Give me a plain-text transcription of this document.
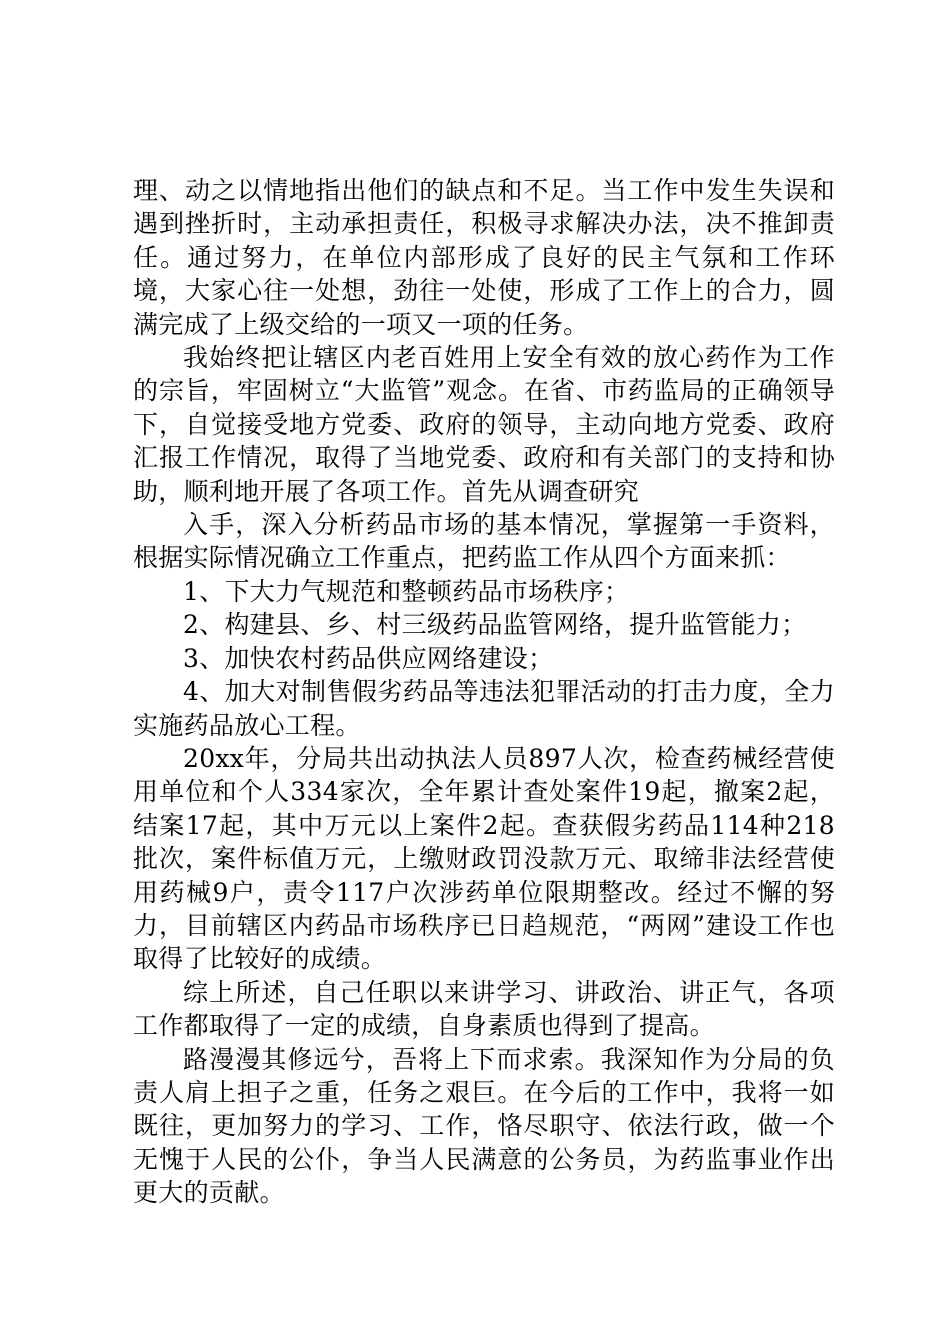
理、动之以情地指出他们的缺点和不足。当工作中发生失误和遇到挫折时，主动承担责任，积极寻求解决办法，决不推卸责任。通过努力，在单位内部形成了良好的民主气氛和工作环境，大家心往一处想，劲往一处使，形成了工作上的合力，圆满完成了上级交给的一项又一项的任务。

我始终把让辖区内老百姓用上安全有效的放心药作为工作的宗旨，牢固树立“大监管”观念。在省、市药监局的正确领导下，自觉接受地方党委、政府的领导，主动向地方党委、政府汇报工作情况，取得了当地党委、政府和有关部门的支持和协助，顺利地开展了各项工作。首先从调查研究

入手，深入分析药品市场的基本情况，掌握第一手资料，根据实际情况确立工作重点，把药监工作从四个方面来抓：

1、下大力气规范和整顿药品市场秩序；

2、构建县、乡、村三级药品监管网络，提升监管能力；

3、加快农村药品供应网络建设；

4、加大对制售假劣药品等违法犯罪活动的打击力度，全力实施药品放心工程。

20xx年，分局共出动执法人员897人次，检查药械经营使用单位和个人334家次，全年累计查处案件19起，撤案2起，结案17起，其中万元以上案件2起。查获假劣药品114种218批次，案件标值万元，上缴财政罚没款万元、取缔非法经营使用药械9户，责令117户次涉药单位限期整改。经过不懈的努力，目前辖区内药品市场秩序已日趋规范，“两网”建设工作也取得了比较好的成绩。

综上所述，自己任职以来讲学习、讲政治、讲正气，各项工作都取得了一定的成绩，自身素质也得到了提高。

路漫漫其修远兮，吾将上下而求索。我深知作为分局的负责人肩上担子之重，任务之艰巨。在今后的工作中，我将一如既往，更加努力的学习、工作，恪尽职守、依法行政，做一个无愧于人民的公仆，争当人民满意的公务员，为药监事业作出更大的贡献。
